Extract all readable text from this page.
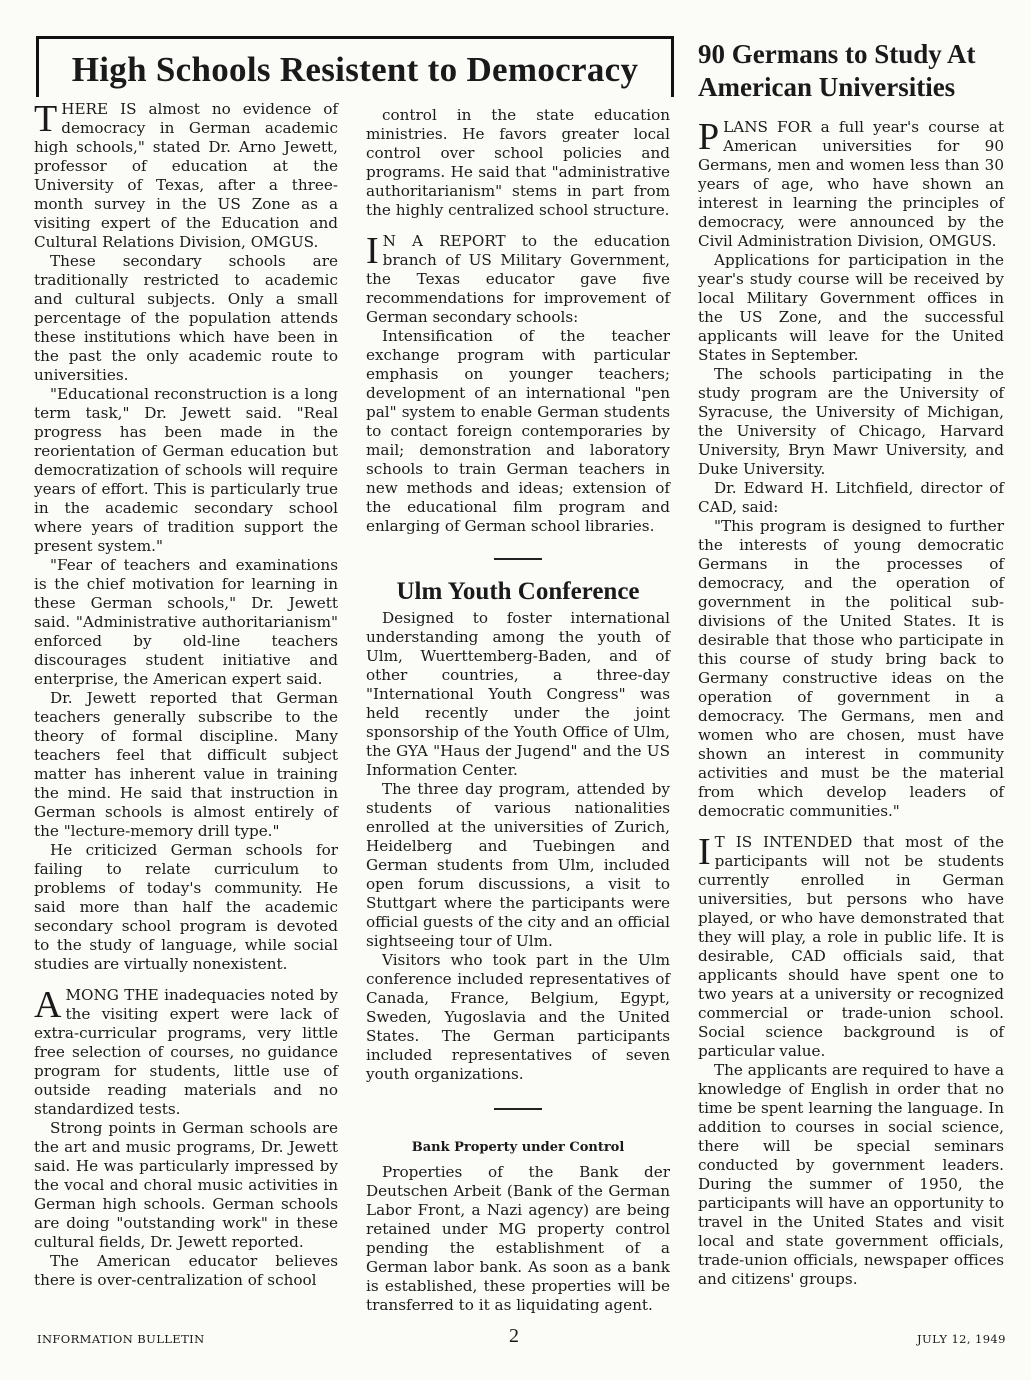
High Schools Resistent to Democracy

THERE IS almost no evidence of democracy in German academic high schools," stated Dr. Arno Jewett, professor of education at the University of Texas, after a three-month survey in the US Zone as a visiting expert of the Education and Cultural Relations Division, OMGUS.

These secondary schools are traditionally restricted to academic and cultural subjects. Only a small percentage of the population attends these institutions which have been in the past the only academic route to universities.

"Educational reconstruction is a long term task," Dr. Jewett said. "Real progress has been made in the reorientation of German education but democratization of schools will require years of effort. This is particularly true in the academic secondary school where years of tradition support the present system."

"Fear of teachers and examinations is the chief motivation for learning in these German schools," Dr. Jewett said. "Administrative authoritarianism" enforced by old-line teachers discourages student initiative and enterprise, the American expert said.

Dr. Jewett reported that German teachers generally subscribe to the theory of formal discipline. Many teachers feel that difficult subject matter has inherent value in training the mind. He said that instruction in German schools is almost entirely of the "lecture-memory drill type."

He criticized German schools for failing to relate curriculum to problems of today's community. He said more than half the academic secondary school program is devoted to the study of language, while social studies are virtually nonexistent.

AMONG THE inadequacies noted by the visiting expert were lack of extra-curricular programs, very little free selection of courses, no guidance program for students, little use of outside reading materials and no standardized tests.

Strong points in German schools are the art and music programs, Dr. Jewett said. He was particularly impressed by the vocal and choral music activities in German high schools. German schools are doing "outstanding work" in these cultural fields, Dr. Jewett reported.

The American educator believes there is over-centralization of school

control in the state education ministries. He favors greater local control over school policies and programs. He said that "administrative authoritarianism" stems in part from the highly centralized school structure.

I N A REPORT to the education branch of US Military Government, the Texas educator gave five recommendations for improvement of German secondary schools:

Intensification of the teacher exchange program with particular emphasis on younger teachers; development of an international "pen pal" system to enable German students to contact foreign contemporaries by mail; demonstration and laboratory schools to train German teachers in new methods and ideas; extension of the educational film program and enlarging of German school libraries.

Ulm Youth Conference

Designed to foster international understanding among the youth of Ulm, Wuerttemberg-Baden, and of other countries, a three-day "International Youth Congress" was held recently under the joint sponsorship of the Youth Office of Ulm, the GYA "Haus der Jugend" and the US Information Center.

The three day program, attended by students of various nationalities enrolled at the universities of Zurich, Heidelberg and Tuebingen and German students from Ulm, included open forum discussions, a visit to Stuttgart where the participants were official guests of the city and an official sightseeing tour of Ulm.

Visitors who took part in the Ulm conference included representatives of Canada, France, Belgium, Egypt, Sweden, Yugoslavia and the United States. The German participants included representatives of seven youth organizations.

Bank Property under Control

Properties of the Bank der Deutschen Arbeit (Bank of the German Labor Front, a Nazi agency) are being retained under MG property control pending the establishment of a German labor bank. As soon as a bank is established, these properties will be transferred to it as liquidating agent.

90 Germans to Study At American Universities

PLANS FOR a full year's course at American universities for 90 Germans, men and women less than 30 years of age, who have shown an interest in learning the principles of democracy, were announced by the Civil Administration Division, OMGUS.

Applications for participation in the year's study course will be received by local Military Government offices in the US Zone, and the successful applicants will leave for the United States in September.

The schools participating in the study program are the University of Syracuse, the University of Michigan, the University of Chicago, Harvard University, Bryn Mawr University, and Duke University.

Dr. Edward H. Litchfield, director of CAD, said:

"This program is designed to further the interests of young democratic Germans in the processes of democracy, and the operation of government in the political sub-divisions of the United States. It is desirable that those who participate in this course of study bring back to Germany constructive ideas on the operation of government in a democracy. The Germans, men and women who are chosen, must have shown an interest in community activities and must be the material from which develop leaders of democratic communities."

I T IS INTENDED that most of the participants will not be students currently enrolled in German universities, but persons who have played, or who have demonstrated that they will play, a role in public life. It is desirable, CAD officials said, that applicants should have spent one to two years at a university or recognized commercial or trade-union school. Social science background is of particular value.

The applicants are required to have a knowledge of English in order that no time be spent learning the language. In addition to courses in social science, there will be special seminars conducted by government leaders. During the summer of 1950, the participants will have an opportunity to travel in the United States and visit local and state government officials, trade-union officials, newspaper offices and citizens' groups.

INFORMATION BULLETIN	2	JULY 12, 1949
